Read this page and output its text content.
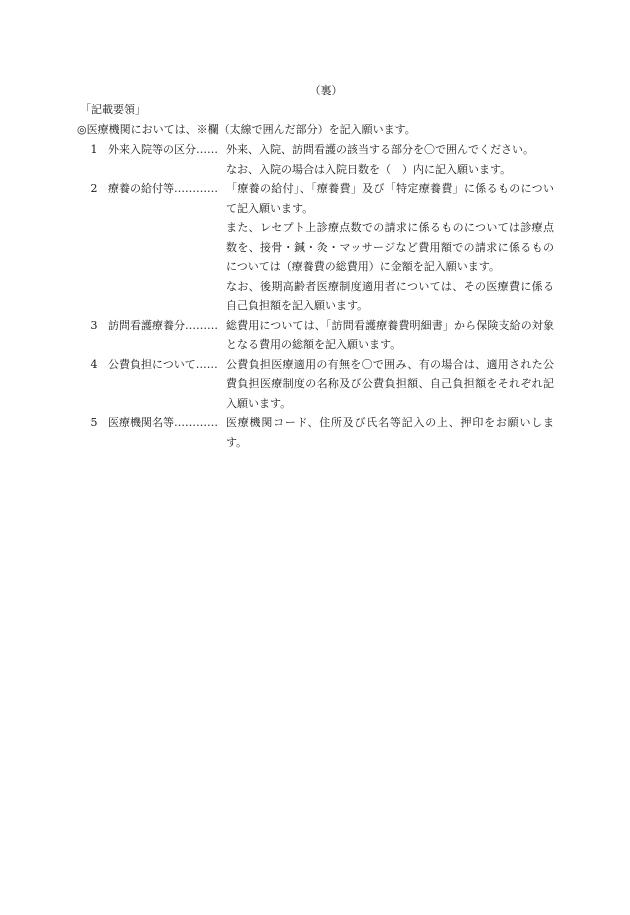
（裏）
「記載要領」
◎医療機関においては、※欄（太線で囲んだ部分）を記入願います。
1 外来入院等の区分…… 外来、入院、訪問看護の該当する部分を〇で囲んでください。

なお、入院の場合は入院日数を（　）内に記入願います。

2 療養の給付等………… 「療養の給付」、「療養費」及び「特定療養費」に係るものについて記入願います。

また、レセプト上診療点数での請求に係るものについては診療点数を、接骨・鍼・灸・マッサージなど費用額での請求に係るものについては（療養費の総費用）に金額を記入願います。

なお、後期高齢者医療制度適用者については、その医療費に係る自己負担額を記入願います。

3 訪問看護療養分……… 総費用については、「訪問看護療養費明細書」から保険支給の対象となる費用の総額を記入願います。

4 公費負担について…… 公費負担医療適用の有無を〇で囲み、有の場合は、適用された公費負担医療制度の名称及び公費負担額、自己負担額をそれぞれ記入願います。

5 医療機関名等………… 医療機関コード、住所及び氏名等記入の上、押印をお願いします。
